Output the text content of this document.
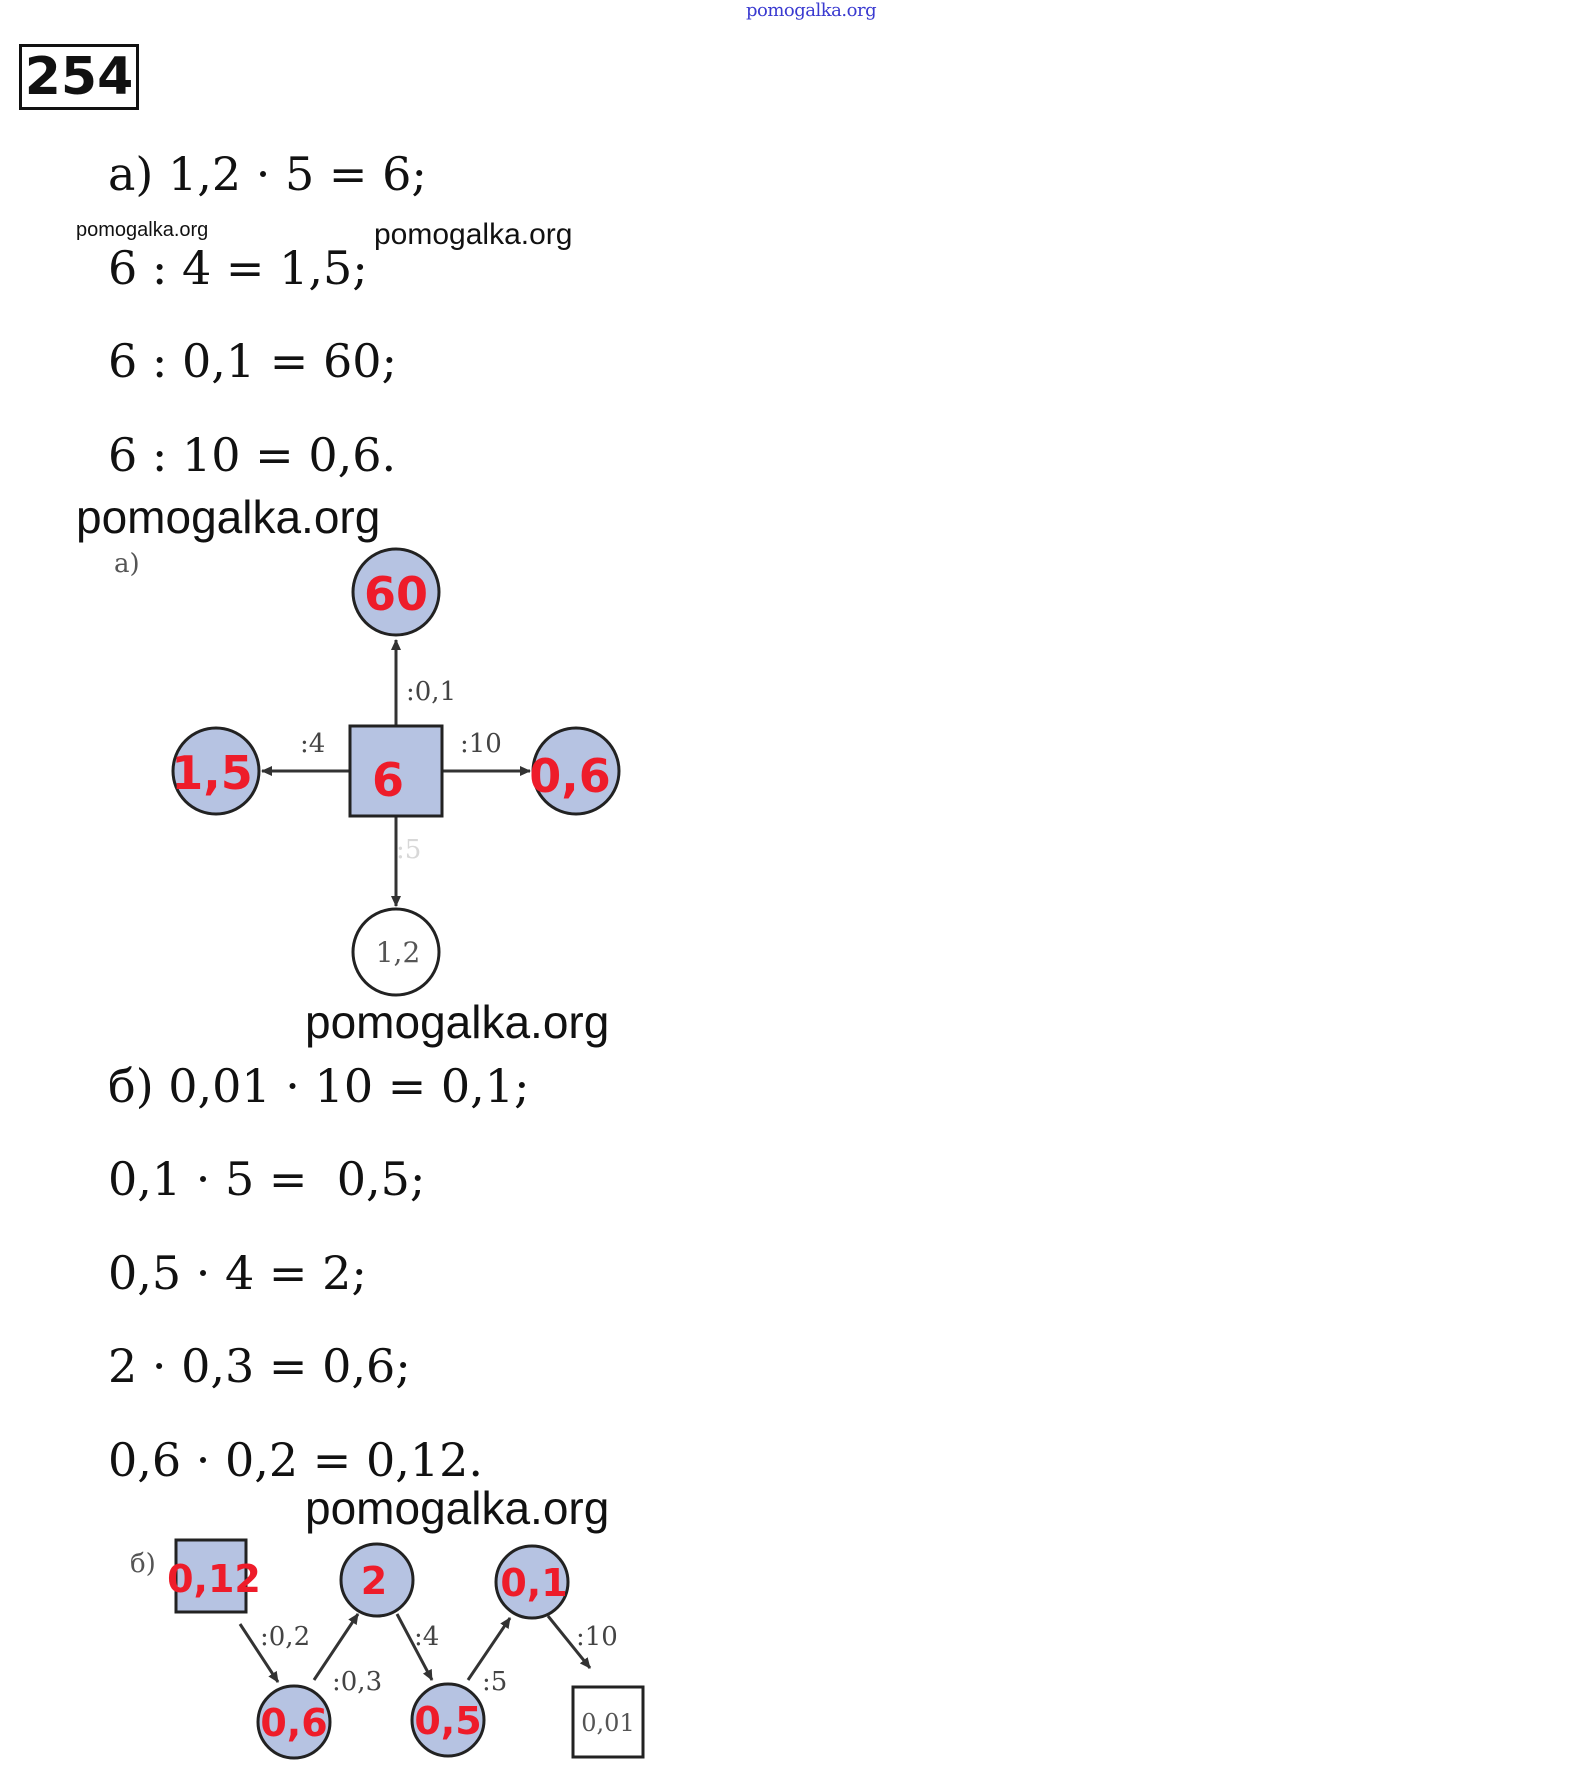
pomogalka.org
254
а) 1,2 · 5 = 6;
6 : 4 = 1,5;
6 : 0,1 = 60;
6 : 10 = 0,6.
pomogalka.org	pomogalka.org
pomogalka.org
pomogalka.org
pomogalka.org
а)
:0,1
:4	:10
:5
60
1,5	0,6
6
1,2
б) 0,01 · 10 = 0,1;
0,1 · 5 =  0,5;
0,5 · 4 = 2;
2 · 0,3 = 0,6;
0,6 · 0,2 = 0,12.
б)
:0,2
:0,3
:4
:5
:10
0,12
0,6
2
0,5
0,1
0,01
